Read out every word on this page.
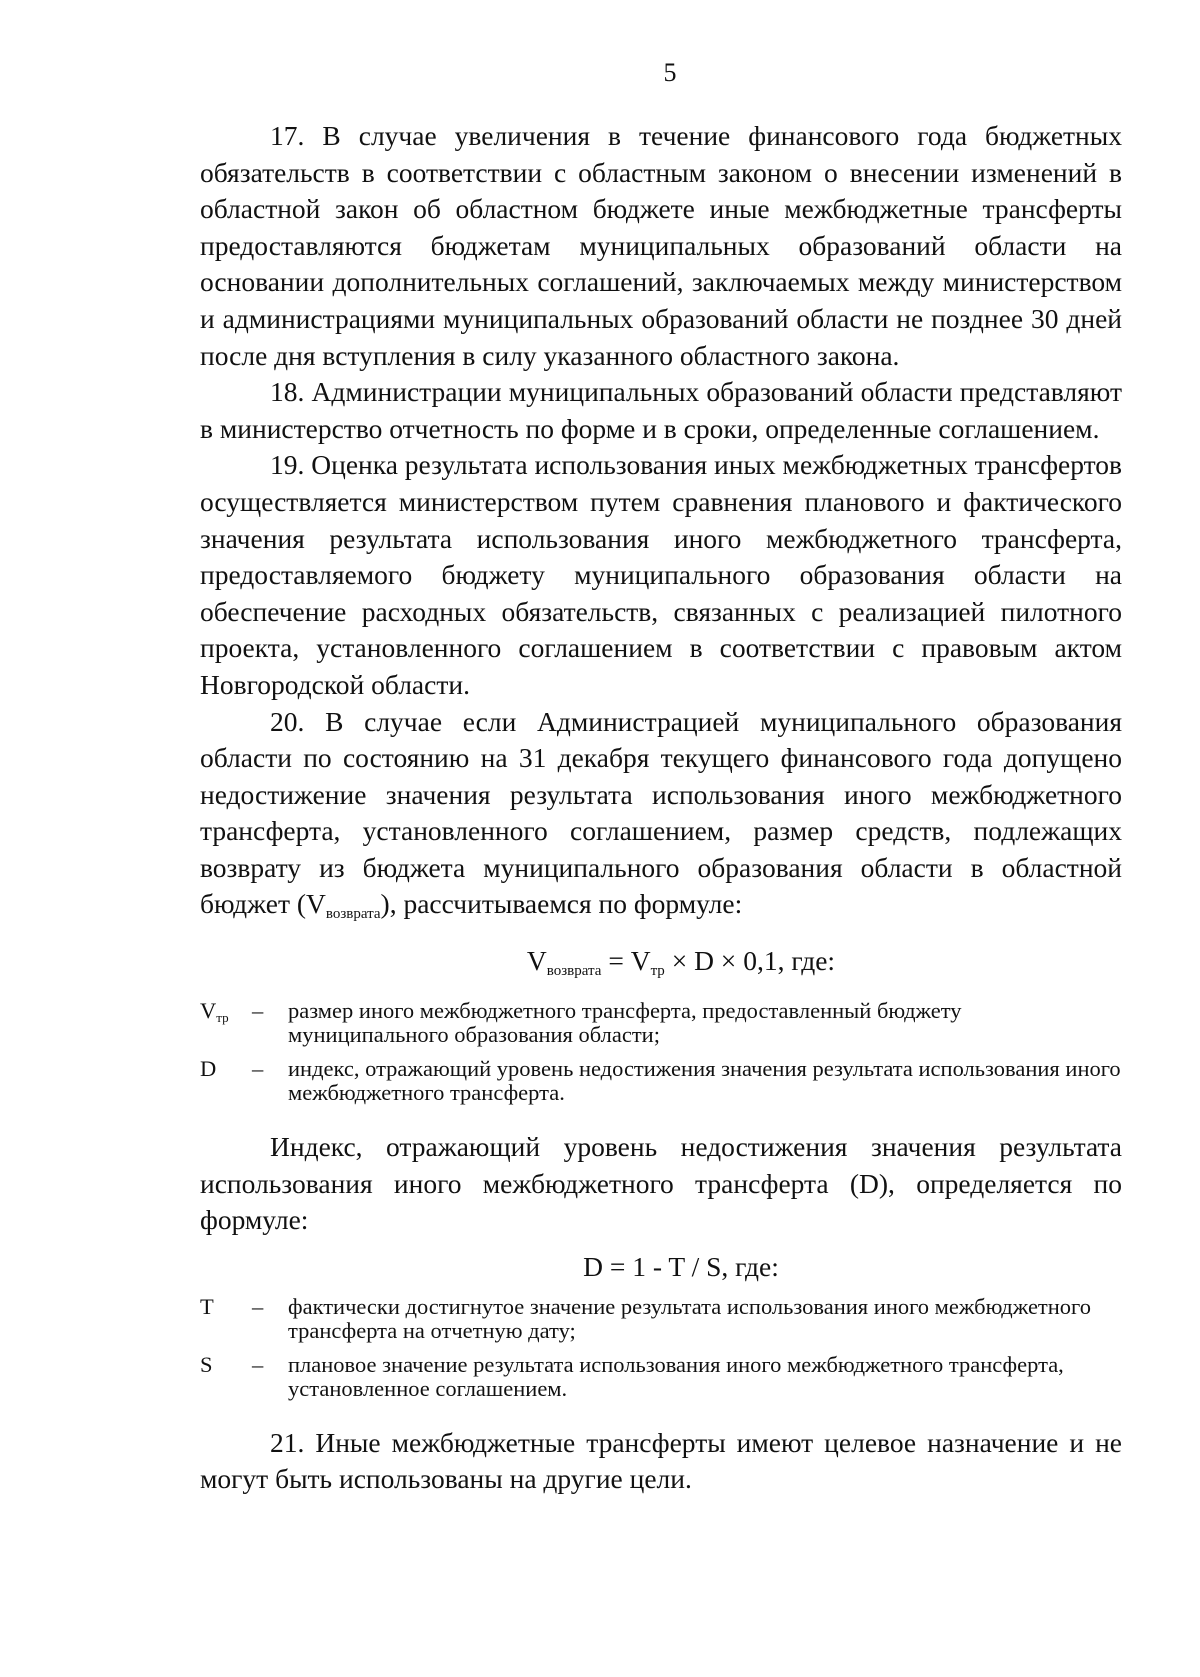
5

17. В случае увеличения в течение финансового года бюджетных обязательств в соответствии с областным законом о внесении изменений в областной закон об областном бюджете иные межбюджетные трансферты предоставляются бюджетам муниципальных образований области на основании дополнительных соглашений, заключаемых между министерством и администрациями муниципальных образований области не позднее 30 дней после дня вступления в силу указанного областного закона.

18. Администрации муниципальных образований области представляют в министерство отчетность по форме и в сроки, определенные соглашением.

19. Оценка результата использования иных межбюджетных трансфертов осуществляется министерством путем сравнения планового и фактического значения результата использования иного межбюджетного трансферта, предоставляемого бюджету муниципального образования области на обеспечение расходных обязательств, связанных с реализацией пилотного проекта, установленного соглашением в соответствии с правовым актом Новгородской области.

20. В случае если Администрацией муниципального образования области по состоянию на 31 декабря текущего финансового года допущено недостижение значения результата использования иного межбюджетного трансферта, установленного соглашением, размер средств, подлежащих возврату из бюджета муниципального образования области в областной бюджет $(V_{возврата})$, рассчитываемся по формуле:

$V_{возврата} = V_{тр} \times D \times 0,1$, где:
$V_{тр}$	–	размер иного межбюджетного трансферта, предоставленный бюджету муниципального образования области;
D	–	индекс, отражающий уровень недостижения значения результата использования иного межбюджетного трансферта.

Индекс, отражающий уровень недостижения значения результата использования иного межбюджетного трансферта (D), определяется по формуле:

D = 1 - T / S, где:
T	–	фактически достигнутое значение результата использования иного межбюджетного трансферта на отчетную дату;
S	–	плановое значение результата использования иного межбюджетного трансферта, установленное соглашением.

21. Иные межбюджетные трансферты имеют целевое назначение и не могут быть использованы на другие цели.
